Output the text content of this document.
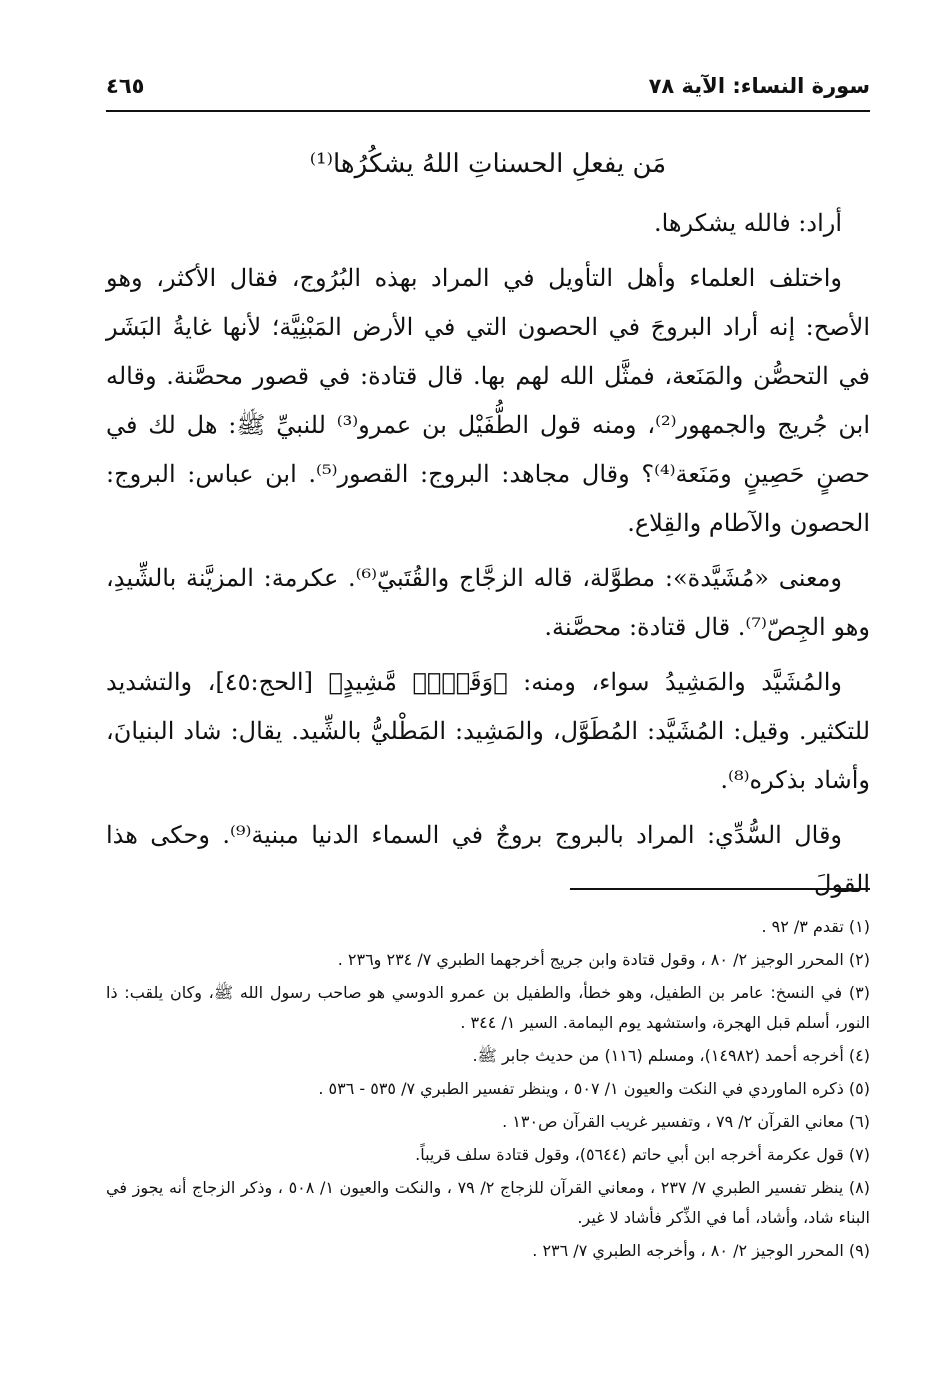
سورة النساء: الآية ٧٨
٤٦٥

مَن يفعلِ الحسناتِ اللهُ يشكُرُها⁽¹⁾

أراد: فالله يشكرها.

واختلف العلماء وأهل التأويل في المراد بهذه البُرُوج، فقال الأكثر، وهو الأصح: إنه أراد البروجَ في الحصون التي في الأرض المَبْنِيَّة؛ لأنها غايةُ البَشَر في التحصُّن والمَنَعة، فمثَّل الله لهم بها. قال قتادة: في قصور محصَّنة. وقاله ابن جُريج والجمهور⁽²⁾، ومنه قول الطُّفَيْل بن عمرو⁽³⁾ للنبيِّ ﷺ: هل لك في حصنٍ حَصِينٍ ومَنَعة⁽⁴⁾؟ وقال مجاهد: البروج: القصور⁽⁵⁾. ابن عباس: البروج: الحصون والآطام والقِلاع.

ومعنى «مُشَيَّدة»: مطوَّلة، قاله الزجَّاج والقُتَبيّ⁽⁶⁾. عكرمة: المزيَّنة بالشِّيدِ، وهو الجِصّ⁽⁷⁾. قال قتادة: محصَّنة.

والمُشَيَّد والمَشِيدُ سواء، ومنه: ﴿وَقَصۡرٖ مَّشِيدٍ﴾ [الحج:٤٥]، والتشديد للتكثير. وقيل: المُشَيَّد: المُطَوَّل، والمَشِيد: المَطْليُّ بالشِّيد. يقال: شاد البنيانَ، وأشاد بذكره⁽⁸⁾.

وقال السُّدِّي: المراد بالبروج بروجٌ في السماء الدنيا مبنية⁽⁹⁾. وحكى هذا القولَ

(١) تقدم ٣/ ٩٢ .

(٢) المحرر الوجيز ٢/ ٨٠ ، وقول قتادة وابن جريج أخرجهما الطبري ٧/ ٢٣٤ و٢٣٦ .

(٣) في النسخ: عامر بن الطفيل، وهو خطأ، والطفيل بن عمرو الدوسي هو صاحب رسول الله ﷺ، وكان يلقب: ذا النور، أسلم قبل الهجرة، واستشهد يوم اليمامة. السير ١/ ٣٤٤ .

(٤) أخرجه أحمد (١٤٩٨٢)، ومسلم (١١٦) من حديث جابر ﷺ.

(٥) ذكره الماوردي في النكت والعيون ١/ ٥٠٧ ، وينظر تفسير الطبري ٧/ ٥٣٥ - ٥٣٦ .

(٦) معاني القرآن ٢/ ٧٩ ، وتفسير غريب القرآن ص١٣٠ .

(٧) قول عكرمة أخرجه ابن أبي حاتم (٥٦٤٤)، وقول قتادة سلف قريباً.

(٨) ينظر تفسير الطبري ٧/ ٢٣٧ ، ومعاني القرآن للزجاج ٢/ ٧٩ ، والنكت والعيون ١/ ٥٠٨ ، وذكر الزجاج أنه يجوز في البناء شاد، وأشاد، أما في الذِّكر فأشاد لا غير.

(٩) المحرر الوجيز ٢/ ٨٠ ، وأخرجه الطبري ٧/ ٢٣٦ .
